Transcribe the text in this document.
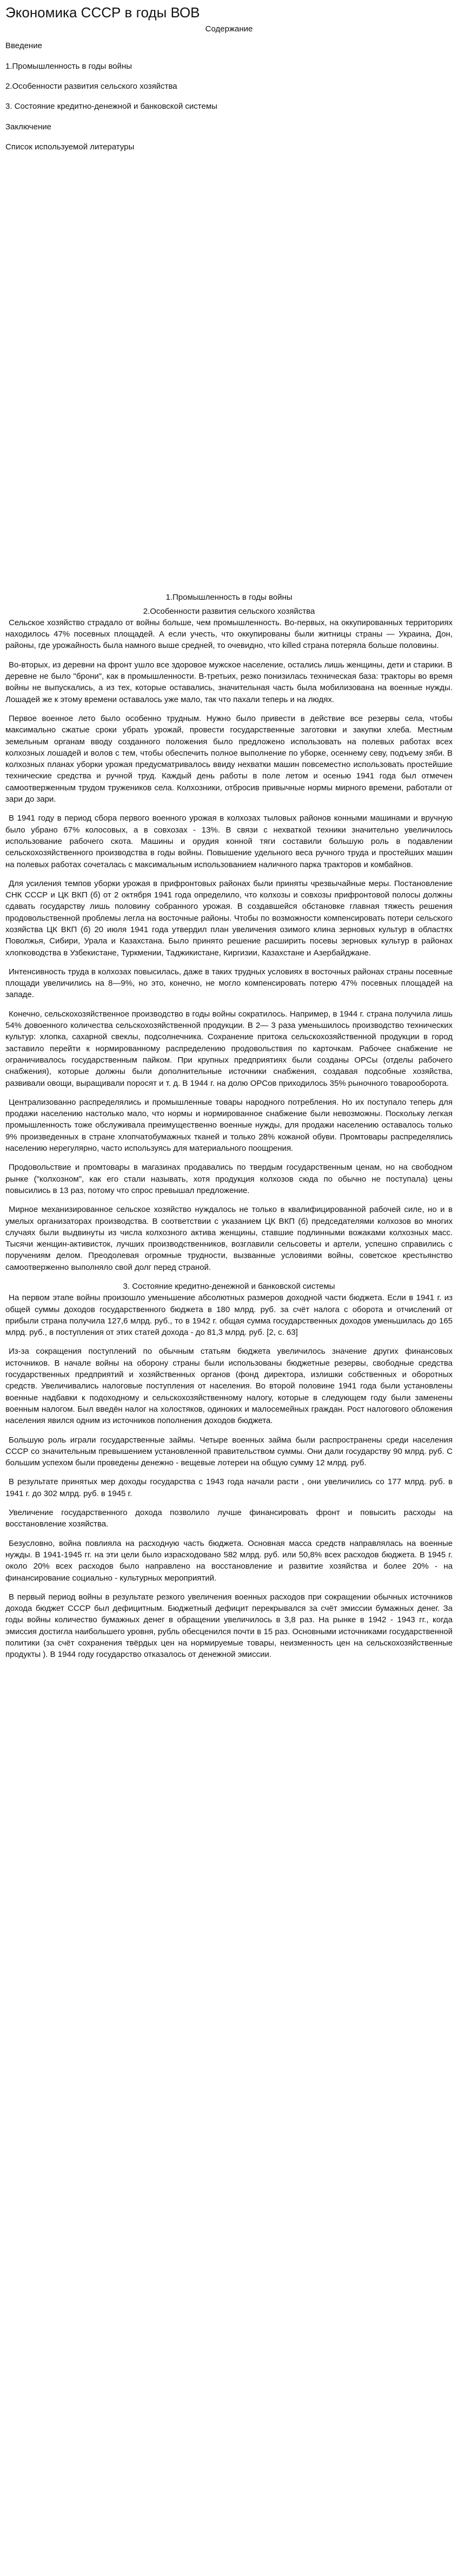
Экономика СССР в годы ВОВ
Содержание
Введение
1.Промышленность в годы войны
2.Особенности развития сельского хозяйства
3. Состояние кредитно-денежной и банковской системы
Заключение
Список используемой литературы
1.Промышленность в годы войны
2.Особенности развития сельского хозяйства

Сельское хозяйство страдало от войны больше, чем промышленность. Во-первых, на оккупированных территориях находилось 47% посевных площадей. А если учесть, что оккупированы были житницы страны — Украина, Дон, районы, где урожайность была намного выше средней, то очевидно, что killed страна потеряла больше половины.

Во-вторых, из деревни на фронт ушло все здоровое мужское население, остались лишь женщины, дети и старики. В деревне не было "брони", как в промышленности. В-третьих, резко понизилась техническая база: тракторы во время войны не выпускались, а из тех, которые оставались, значительная часть была мобилизована на военные нужды. Лошадей же к этому времени оставалось уже мало, так что пахали теперь и на людях.

Первое военное лето было особенно трудным. Нужно было привести в действие все резервы села, чтобы максимально сжатые сроки убрать урожай, провести государственные заготовки и закупки хлеба. Местным земельным органам вводу созданного положения было предложено использовать на полевых работах всех колхозных лошадей и волов с тем, чтобы обеспечить полное выполнение по уборке, осеннему севу, подъему зяби. В колхозных планах уборки урожая предусматривалось ввиду нехватки машин повсеместно использовать простейшие технические средства и ручной труд. Каждый день работы в поле летом и осенью 1941 года был отмечен самоотверженным трудом тружеников села. Колхозники, отбросив привычные нормы мирного времени, работали от зари до зари.

В 1941 году в период сбора первого военного урожая в колхозах тыловых районов конными машинами и вручную было убрано 67% колосовых, а в совхозах - 13%. В связи с нехваткой техники значительно увеличилось использование рабочего скота. Машины и орудия конной тяги составили большую роль в подавлении сельскохозяйственного производства в годы войны. Повышение удельного веса ручного труда и простейших машин на полевых работах сочеталась с максимальным использованием наличного парка тракторов и комбайнов.

Для усиления темпов уборки урожая в прифронтовых районах были приняты чрезвычайные меры. Постановление СНК СССР и ЦК ВКП (б) от 2 октября 1941 года определило, что колхозы и совхозы прифронтовой полосы должны сдавать государству лишь половину собранного урожая. В создавшейся обстановке главная тяжесть решения продовольственной проблемы легла на восточные районы. Чтобы по возможности компенсировать потери сельского хозяйства ЦК ВКП (б) 20 июля 1941 года утвердил план увеличения озимого клина зерновых культур в областях Поволжья, Сибири, Урала и Казахстана. Было принято решение расширить посевы зерновых культур в районах хлопководства в Узбекистане, Туркмении, Таджикистане, Киргизии, Казахстане и Азербайджане.

Интенсивность труда в колхозах повысилась, даже в таких трудных условиях в восточных районах страны посевные площади увеличились на 8—9%, но это, конечно, не могло компенсировать потерю 47% посевных площадей на западе.

Конечно, сельскохозяйственное производство в годы войны сократилось. Например, в 1944 г. страна получила лишь 54% довоенного количества сельскохозяйственной продукции. В 2— 3 раза уменьшилось производство технических культур: хлопка, сахарной свеклы, подсолнечника. Сохранение притока сельскохозяйственной продукции в город заставило перейти к нормированному распределению продовольствия по карточкам. Рабочее снабжение не ограничивалось государственным пайком. При крупных предприятиях были созданы ОРСы (отделы рабочего снабжения), которые должны были дополнительные источники снабжения, создавая подсобные хозяйства, развивали овощи, выращивали поросят и т. д. В 1944 г. на долю ОРСов приходилось 35% рыночного товарооборота.

Централизованно распределялись и промышленные товары народного потребления. Но их поступало теперь для продажи населению настолько мало, что нормы и нормированное снабжение были невозможны. Поскольку легкая промышленность тоже обслуживала преимущественно военные нужды, для продажи населению оставалось только 9% произведенных в стране хлопчатобумажных тканей и только 28% кожаной обуви. Промтовары распределялись населению нерегулярно, часто используясь для материального поощрения.

Продовольствие и промтовары в магазинах продавались по твердым государственным ценам, но на свободном рынке ("колхозном", как его стали называть, хотя продукция колхозов сюда по обычно не поступала) цены повысились в 13 раз, потому что спрос превышал предложение.

Мирное механизированное сельское хозяйство нуждалось не только в квалифицированной рабочей силе, но и в умелых организаторах производства. В соответствии с указанием ЦК ВКП (б) председателями колхозов во многих случаях были выдвинуты из числа колхозного актива женщины, ставшие подлинными вожаками колхозных масс. Тысячи женщин-активисток, лучших производственников, возглавили сельсоветы и артели, успешно справились с поручениям делом. Преодолевая огромные трудности, вызванные условиями войны, советское крестьянство самоотверженно выполняло свой долг перед страной.

3. Состояние кредитно-денежной и банковской системы

На первом этапе войны произошло уменьшение абсолютных размеров доходной части бюджета. Если в 1941 г. из общей суммы доходов государственного бюджета в 180 млрд. руб. за счёт налога с оборота и отчислений от прибыли страна получила 127,6 млрд. руб., то в 1942 г. общая сумма государственных доходов уменьшилась до 165 млрд. руб., в поступления от этих статей дохода - до 81,3 млрд. руб. [2, с. 63]

Из-за сокращения поступлений по обычным статьям бюджета увеличилось значение других финансовых источников. В начале войны на оборону страны были использованы бюджетные резервы, свободные средства государственных предприятий и хозяйственных органов (фонд директора, излишки собственных и оборотных средств. Увеличивались налоговые поступления от населения. Во второй половине 1941 года были установлены военные надбавки к подоходному и сельскохозяйственному налогу, которые в следующем году были заменены военным налогом. Был введён налог на холостяков, одиноких и малосемейных граждан. Рост налогового обложения населения явился одним из источников пополнения доходов бюджета.

Большую роль играли государственные займы. Четыре военных займа были распространены среди населения СССР со значительным превышением установленной правительством суммы. Они дали государству 90 млрд. руб. С большим успехом были проведены денежно - вещевые лотереи на общую сумму 12 млрд. руб.

В результате принятых мер доходы государства с 1943 года начали расти , они увеличились со 177 млрд. руб. в 1941 г. до 302 млрд. руб. в 1945 г.

Увеличение государственного дохода позволило лучше финансировать фронт и повысить расходы на восстановление хозяйства.

Безусловно, война повлияла на расходную часть бюджета. Основная масса средств направлялась на военные нужды. В 1941-1945 гг. на эти цели было израсходовано 582 млрд. руб. или 50,8% всех расходов бюджета. В 1945 г. около 20% всех расходов было направлено на восстановление и развитие хозяйства и более 20% - на финансирование социально - культурных мероприятий.

В первый период войны в результате резкого увеличения военных расходов при сокращении обычных источников дохода бюджет СССР был дефицитным. Бюджетный дефицит перекрывался за счёт эмиссии бумажных денег. За годы войны количество бумажных денег в обращении увеличилось в 3,8 раз. На рынке в 1942 - 1943 гг., когда эмиссия достигла наибольшего уровня, рубль обесценился почти в 15 раз. Основными источниками государственной политики (за счёт сохранения твёрдых цен на нормируемые товары, неизменность цен на сельскохозяйственные продукты ). В 1944 году государство отказалось от денежной эмиссии.
